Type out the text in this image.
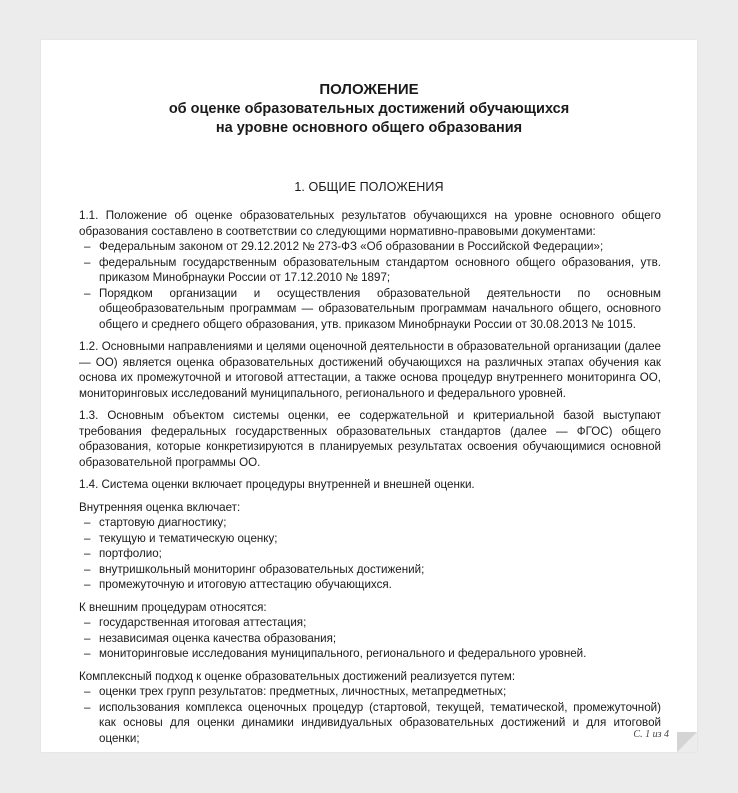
ПОЛОЖЕНИЕ
об оценке образовательных достижений обучающихся
на уровне основного общего образования
1. ОБЩИЕ ПОЛОЖЕНИЯ

1.1. Положение об оценке образовательных результатов обучающихся на уровне основного общего образования составлено в соответствии со следующими нормативно-правовыми документами:

– Федеральным законом от 29.12.2012 № 273-ФЗ «Об образовании в Российской Федерации»;
– федеральным государственным образовательным стандартом основного общего образования, утв. приказом Минобрнауки России от 17.12.2010 № 1897;
– Порядком организации и осуществления образовательной деятельности по основным общеобразовательным программам — образовательным программам начального общего, основного общего и среднего общего образования, утв. приказом Минобрнауки России от 30.08.2013 № 1015.

1.2. Основными направлениями и целями оценочной деятельности в образовательной организации (далее — ОО) является оценка образовательных достижений обучающихся на различных этапах обучения как основа их промежуточной и итоговой аттестации, а также основа процедур внутреннего мониторинга ОО, мониторинговых исследований муниципального, регионального и федерального уровней.

1.3. Основным объектом системы оценки, ее содержательной и критериальной базой выступают требования федеральных государственных образовательных стандартов (далее — ФГОС) общего образования, которые конкретизируются в планируемых результатах освоения обучающимися основной образовательной программы ОО.

1.4. Система оценки включает процедуры внутренней и внешней оценки.

Внутренняя оценка включает:

– стартовую диагностику;
– текущую и тематическую оценку;
– портфолио;
– внутришкольный мониторинг образовательных достижений;
– промежуточную и итоговую аттестацию обучающихся.

К внешним процедурам относятся:

– государственная итоговая аттестация;
– независимая оценка качества образования;
– мониторинговые исследования муниципального, регионального и федерального уровней.

Комплексный подход к оценке образовательных достижений реализуется путем:

– оценки трех групп результатов: предметных, личностных, метапредметных;
– использования комплекса оценочных процедур (стартовой, текущей, тематической, промежуточной) как основы для оценки динамики индивидуальных образовательных достижений и для итоговой оценки;	С. 1 из 4
